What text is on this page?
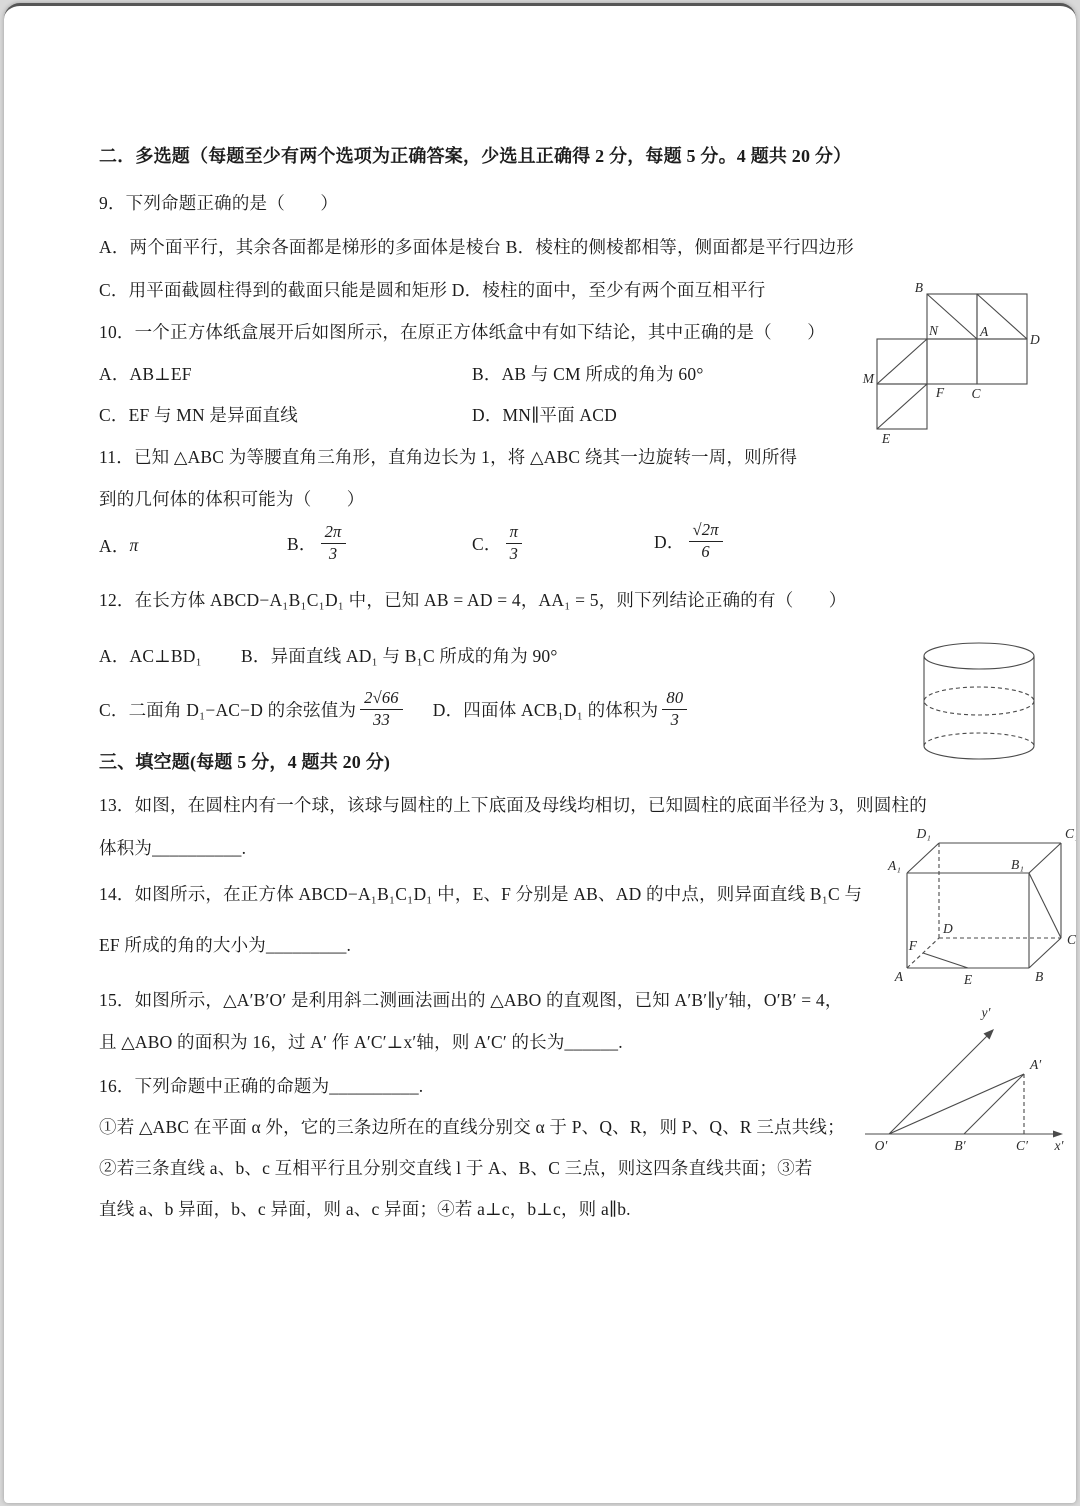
二．多选题（每题至少有两个选项为正确答案，少选且正确得 2 分，每题 5 分。4 题共 20 分）
9．下列命题正确的是（　　）
A．两个面平行，其余各面都是梯形的多面体是棱台 B．棱柱的侧棱都相等，侧面都是平行四边形
C．用平面截圆柱得到的截面只能是圆和矩形 D．棱柱的面中，至少有两个面互相平行
10．一个正方体纸盒展开后如图所示，在原正方体纸盒中有如下结论，其中正确的是（　　）
A．AB⊥EF	B．AB 与 CM 所成的角为 60°
C．EF 与 MN 是异面直线	D．MN∥平面 ACD
B
N	A
D
M
F C
E
11．已知 △ABC 为等腰直角三角形，直角边长为 1，将 △ABC 绕其一边旋转一周，则所得
到的几何体的体积可能为（　　）
A． π	B． $\frac{2\pi}{3}$	C． $\frac{\pi}{3}$	D． $\frac{√2\pi}{6}$
12．在长方体 ABCD−A₁B₁C₁D₁ 中，已知 AB = AD = 4，AA₁ = 5，则下列结论正确的有（　　）
A．AC⊥BD₁ B．异面直线 AD₁ 与 B₁C 所成的角为 90°
C．二面角 D₁−AC−D 的余弦值为 $\frac{2√66}{33}$ D．四面体 ACB₁D₁ 的体积为 $\frac{80}{3}$
三、填空题(每题 5 分，4 题共 20 分)
13．如图，在圆柱内有一个球，该球与圆柱的上下底面及母线均相切，已知圆柱的底面半径为 3，则圆柱的
体积为__________.
14．如图所示，在正方体 ABCD−A₁B₁C₁D₁ 中，E、F 分别是 AB、AD 的中点，则异面直线 B₁C 与
EF 所成的角的大小为_________.
A	B
E
F
D
C
A₁	B₁
D₁	C₁
15．如图所示，△A′B′O′ 是利用斜二测画法画出的 △ABO 的直观图，已知 A′B′∥y′轴，O′B′ = 4，
且 △ABO 的面积为 16，过 A′ 作 A′C′⊥x′轴，则 A′C′ 的长为______.
y′
A′
O′	B′	C′ x′
16．下列命题中正确的命题为__________.
①若 △ABC 在平面 α 外，它的三条边所在的直线分别交 α 于 P、Q、R，则 P、Q、R 三点共线；
②若三条直线 a、b、c 互相平行且分别交直线 l 于 A、B、C 三点，则这四条直线共面；③若
直线 a、b 异面，b、c 异面，则 a、c 异面；④若 a⊥c，b⊥c，则 a∥b.
